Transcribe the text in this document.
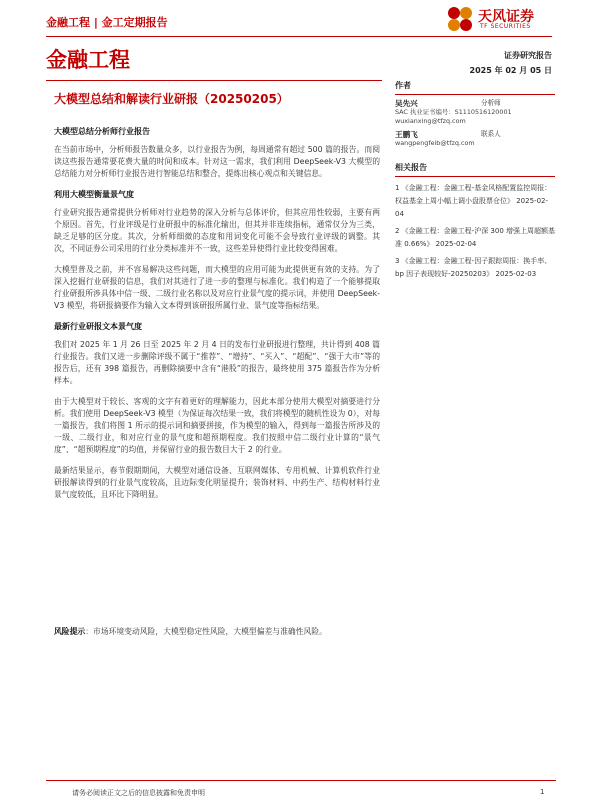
金融工程 | 金工定期报告	天风证券
TF SECURITIES
金融工程	证券研究报告
2025 年 02 月 05 日
大模型总结和解读行业研报（20250205）
大模型总结分析师行业报告

在当前市场中，分析师报告数量众多，以行业报告为例，每周通常有超过 500 篇的报告。而阅读这些报告通常要花费大量的时间和成本。针对这一需求，我们利用 DeepSeek-V3 大模型的总结能力对分析师行业报告进行智能总结和整合，提炼出核心观点和关键信息。

利用大模型衡量景气度

行业研究报告通常提供分析师对行业趋势的深入分析与总体评价，但其应用性较弱，主要有两个原因。首先，行业评级是行业研报中的标准化输出，但其并非连续指标，通常仅分为三类，缺乏足够的区分度。其次，分析师细微的态度和用词变化可能不会导致行业评级的调整。其次，不同证券公司采用的行业分类标准并不一致，这些差异使得行业比较变得困难。

大模型普及之前，并不容易解决这些问题，而大模型的应用可能为此提供更有效的支持。为了深入挖掘行业研报的信息，我们对其进行了进一步的整理与标准化。我们构造了一个能够提取行业研报所涉具体中信一级、二级行业名称以及对应行业景气度的提示词，并使用 DeepSeek-V3 模型，将研报摘要作为输入文本得到该研报所属行业、景气度等指标结果。

最新行业研报文本景气度

我们对 2025 年 1 月 26 日至 2025 年 2 月 4 日的发布行业研报进行整理，共计得到 408 篇行业报告。我们又进一步删除评级不属于“推荐”、“增持”、“买入”、“超配”、“强于大市”等的报告后，还有 398 篇报告，再删除摘要中含有“港股”的报告，最终使用 375 篇报告作为分析样本。

由于大模型对于较长、客观的文字有着更好的理解能力，因此本部分使用大模型对摘要进行分析。我们使用 DeepSeek-V3 模型（为保证每次结果一致，我们将模型的随机性设为 0），对每一篇报告，我们将图 1 所示的提示词和摘要拼接，作为模型的输入，得到每一篇报告所涉及的一级、二级行业，和对应行业的景气度和超预期程度。我们按照中信二级行业计算的“景气度”、“超预期程度”的均值，并保留行业的报告数目大于 2 的行业。

最新结果显示，春节假期期间，大模型对通信设备、互联网媒体、专用机械、计算机软件行业研报解读得到的行业景气度较高，且边际变化明显提升；装饰材料、中药生产、结构材料行业景气度较低，且环比下降明显。

风险提示：市场环境变动风险，大模型稳定性风险，大模型偏差与准确性风险。
作者
吴先兴	分析师
SAC 执业证书编号：S1110516120001
wuxianxing@tfzq.com
王鹏飞	联系人
wangpengfeib@tfzq.com
相关报告
1 《金融工程：金融工程-基金风格配置监控周报：权益基金上周小幅上调小盘股票仓位》 2025-02-04
2 《金融工程：金融工程-沪深 300 增强上周超额基准 0.66%》 2025-02-04
3 《金融工程：金融工程-因子跟踪周报：换手率、bp 因子表现较好-20250203》 2025-02-03
请务必阅读正文之后的信息披露和免责申明	1
